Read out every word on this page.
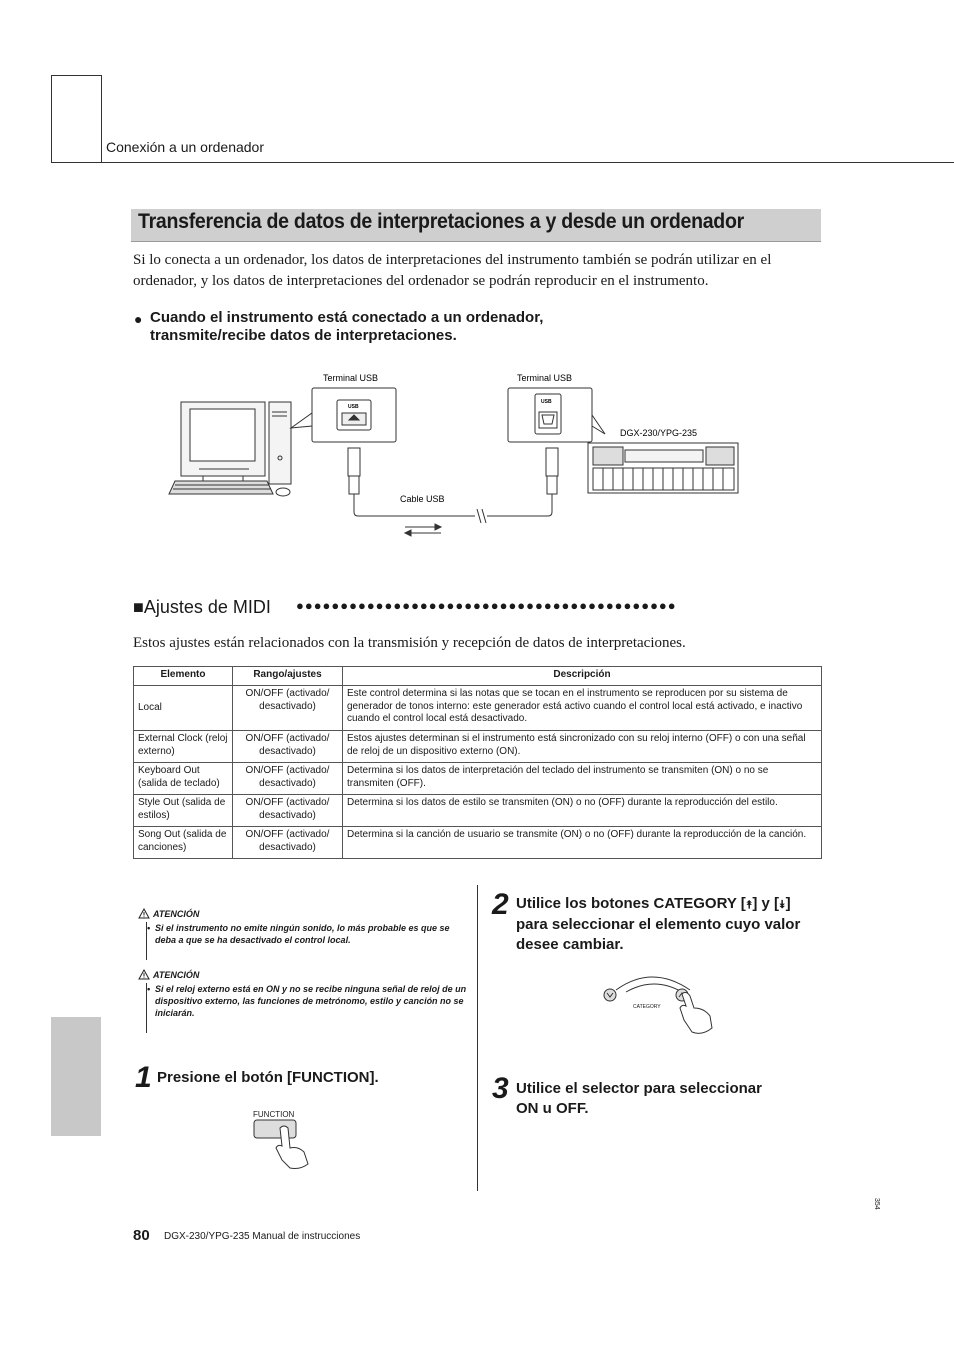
Conexión a un ordenador
Transferencia de datos de interpretaciones a y desde un ordenador
Si lo conecta a un ordenador, los datos de interpretaciones del instrumento también se podrán utilizar en el ordenador, y los datos de interpretaciones del ordenador se podrán reproducir en el instrumento.
● Cuando el instrumento está conectado a un ordenador,
transmite/recibe datos de interpretaciones.
Terminal USB
USB
Terminal USB
USB
Cable USB
DGX-230/YPG-235
■Ajustes de MIDI ●●●●●●●●●●●●●●●●●●●●●●●●●●●●●●●●●●●●●●●●●●●
Estos ajustes están relacionados con la transmisión y recepción de datos de interpretaciones.
Elemento	Rango/ajustes	Descripción
Local	ON/OFF (activado/ desactivado)	Este control determina si las notas que se tocan en el instrumento se reproducen por su sistema de generador de tonos interno: este generador está activo cuando el control local está activado, e inactivo cuando el control local está desactivado.
External Clock (reloj externo)	ON/OFF (activado/ desactivado)	Estos ajustes determinan si el instrumento está sincronizado con su reloj interno (OFF) o con una señal de reloj de un dispositivo externo (ON).
Keyboard Out (salida de teclado)	ON/OFF (activado/ desactivado)	Determina si los datos de interpretación del teclado del instrumento se transmiten (ON) o no se transmiten (OFF).
Style Out (salida de estilos)	ON/OFF (activado/ desactivado)	Determina si los datos de estilo se transmiten (ON) o no (OFF) durante la reproducción del estilo.
Song Out (salida de canciones)	ON/OFF (activado/ desactivado)	Determina si la canción de usuario se transmite (ON) o no (OFF) durante la reproducción de la canción.
ATENCIÓN
• Si el instrumento no emite ningún sonido, lo más probable es que se deba a que se ha desactivado el control local.
ATENCIÓN
• Si el reloj externo está en ON y no se recibe ninguna señal de reloj de un dispositivo externo, las funciones de metrónomo, estilo y canción no se iniciarán.
1 Presione el botón [FUNCTION].
FUNCTION
2 Utilice los botones CATEGORY [⯭] y [⯯]
para seleccionar el elemento cuyo valor
desee cambiar.
CATEGORY
3 Utilice el selector para seleccionar
ON u OFF.
80 DGX-230/YPG-235 Manual de instrucciones
354
